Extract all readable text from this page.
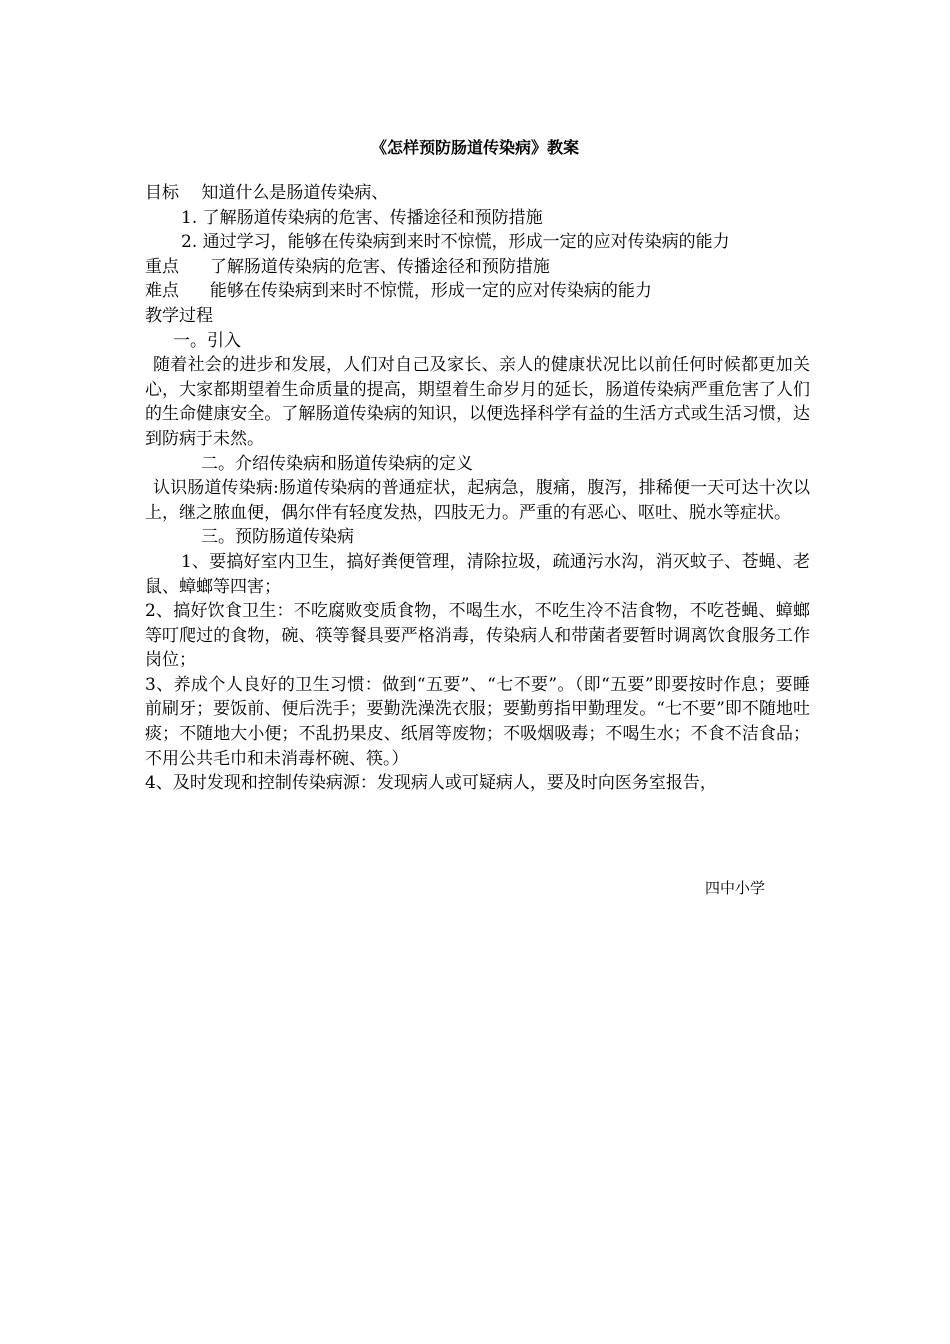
《怎样预防肠道传染病》教案
目标  知道什么是肠道传染病、
1. 了解肠道传染病的危害、传播途径和预防措施
2. 通过学习，能够在传染病到来时不惊慌，形成一定的应对传染病的能力
重点   了解肠道传染病的危害、传播途径和预防措施
难点   能够在传染病到来时不惊慌，形成一定的应对传染病的能力
教学过程
一。引入
随着社会的进步和发展，人们对自己及家长、亲人的健康状况比以前任何时候都更加关心，大家都期望着生命质量的提高，期望着生命岁月的延长，肠道传染病严重危害了人们的生命健康安全。了解肠道传染病的知识，以便选择科学有益的生活方式或生活习惯，达到防病于未然。
二。介绍传染病和肠道传染病的定义
认识肠道传染病:肠道传染病的普通症状，起病急，腹痛，腹泻，排稀便一天可达十次以上，继之脓血便，偶尔伴有轻度发热，四肢无力。严重的有恶心、呕吐、脱水等症状。
三。预防肠道传染病
1、要搞好室内卫生，搞好粪便管理，清除拉圾，疏通污水沟，消灭蚊子、苍蝇、老鼠、蟑螂等四害；
2、搞好饮食卫生：不吃腐败变质食物，不喝生水，不吃生冷不洁食物，不吃苍蝇、蟑螂等叮爬过的食物，碗、筷等餐具要严格消毒，传染病人和带菌者要暂时调离饮食服务工作岗位；
3、养成个人良好的卫生习惯：做到“五要”、“七不要”。（即“五要”即要按时作息；要睡前刷牙；要饭前、便后洗手；要勤洗澡洗衣服；要勤剪指甲勤理发。“七不要”即不随地吐痰；不随地大小便；不乱扔果皮、纸屑等废物；不吸烟吸毒；不喝生水；不食不洁食品；不用公共毛巾和未消毒杯碗、筷。）
4、及时发现和控制传染病源：发现病人或可疑病人，要及时向医务室报告，
四中小学
